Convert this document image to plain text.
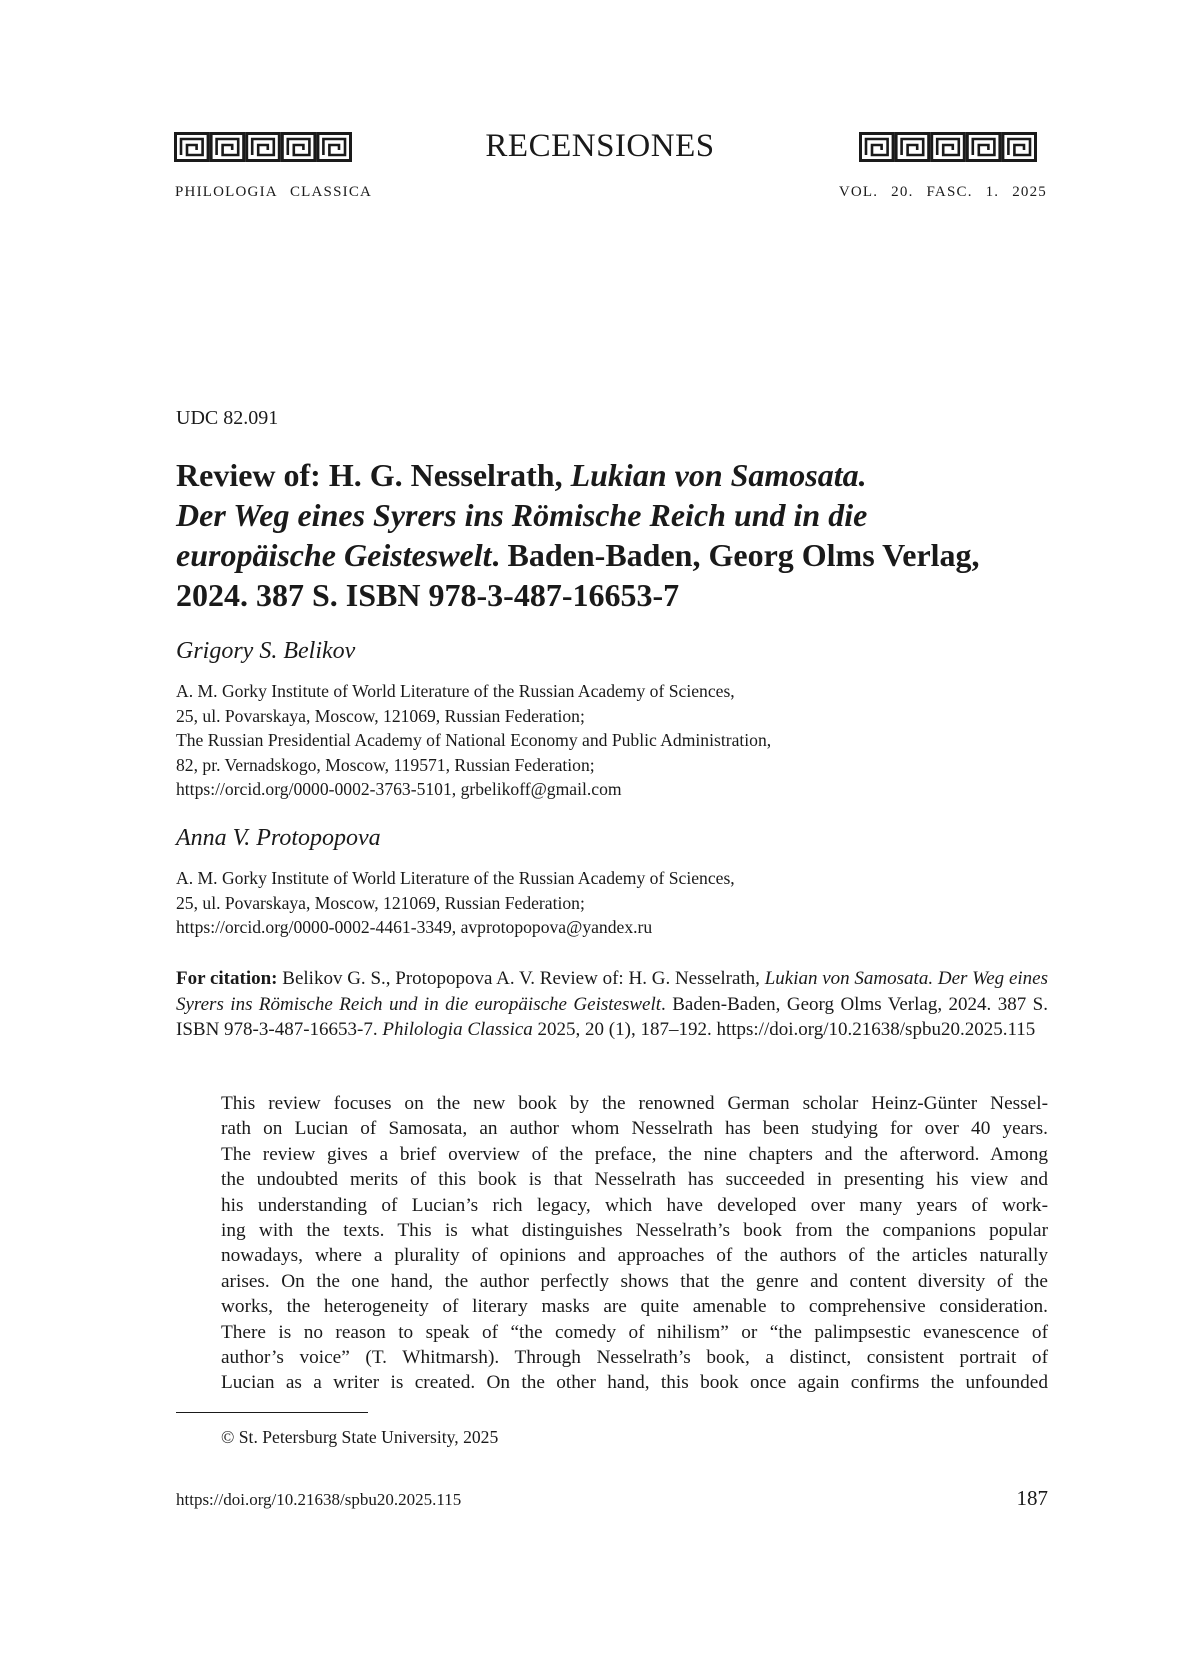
RECENSIONES
PHILOLOGIA CLASSICA	VOL. 20. FASC. 1. 2025
UDC 82.091
Review of: H. G. Nesselrath, Lukian von Samosata.
Der Weg eines Syrers ins Römische Reich und in die
europäische Geisteswelt. Baden-Baden, Georg Olms Verlag,
2024. 387 S. ISBN 978-3-487-16653-7

Grigory S. Belikov

A. M. Gorky Institute of World Literature of the Russian Academy of Sciences,
25, ul. Povarskaya, Moscow, 121069, Russian Federation;
The Russian Presidential Academy of National Economy and Public Administration,
82, pr. Vernadskogo, Moscow, 119571, Russian Federation;
https://orcid.org/0000-0002-3763-5101, grbelikoff@gmail.com

Anna V. Protopopova

A. M. Gorky Institute of World Literature of the Russian Academy of Sciences,
25, ul. Povarskaya, Moscow, 121069, Russian Federation;
https://orcid.org/0000-0002-4461-3349, avprotopopova@yandex.ru
For citation: Belikov G. S., Protopopova A. V. Review of: H. G. Nesselrath, Lukian von Samosata. Der Weg eines Syrers ins Römische Reich und in die europäische Geisteswelt. Baden-Baden, Georg Olms Verlag, 2024. 387 S. ISBN 978-3-487-16653-7. Philologia Classica 2025, 20 (1), 187–192. https://doi.org/10.21638/spbu20.2025.115
This review focuses on the new book by the renowned German scholar Heinz-Günter Nessel-
rath on Lucian of Samosata, an author whom Nesselrath has been studying for over 40 years.
The review gives a brief overview of the preface, the nine chapters and the afterword. Among
the undoubted merits of this book is that Nesselrath has succeeded in presenting his view and
his understanding of Lucian’s rich legacy, which have developed over many years of work-
ing with the texts. This is what distinguishes Nesselrath’s book from the companions popular
nowadays, where a plurality of opinions and approaches of the authors of the articles naturally
arises. On the one hand, the author perfectly shows that the genre and content diversity of the
works, the heterogeneity of literary masks are quite amenable to comprehensive consideration.
There is no reason to speak of “the comedy of nihilism” or “the palimpsestic evanescence of
author’s voice” (T. Whitmarsh). Through Nesselrath’s book, a distinct, consistent portrait of
Lucian as a writer is created. On the other hand, this book once again confirms the unfounded
© St. Petersburg State University, 2025
https://doi.org/10.21638/spbu20.2025.115	187
